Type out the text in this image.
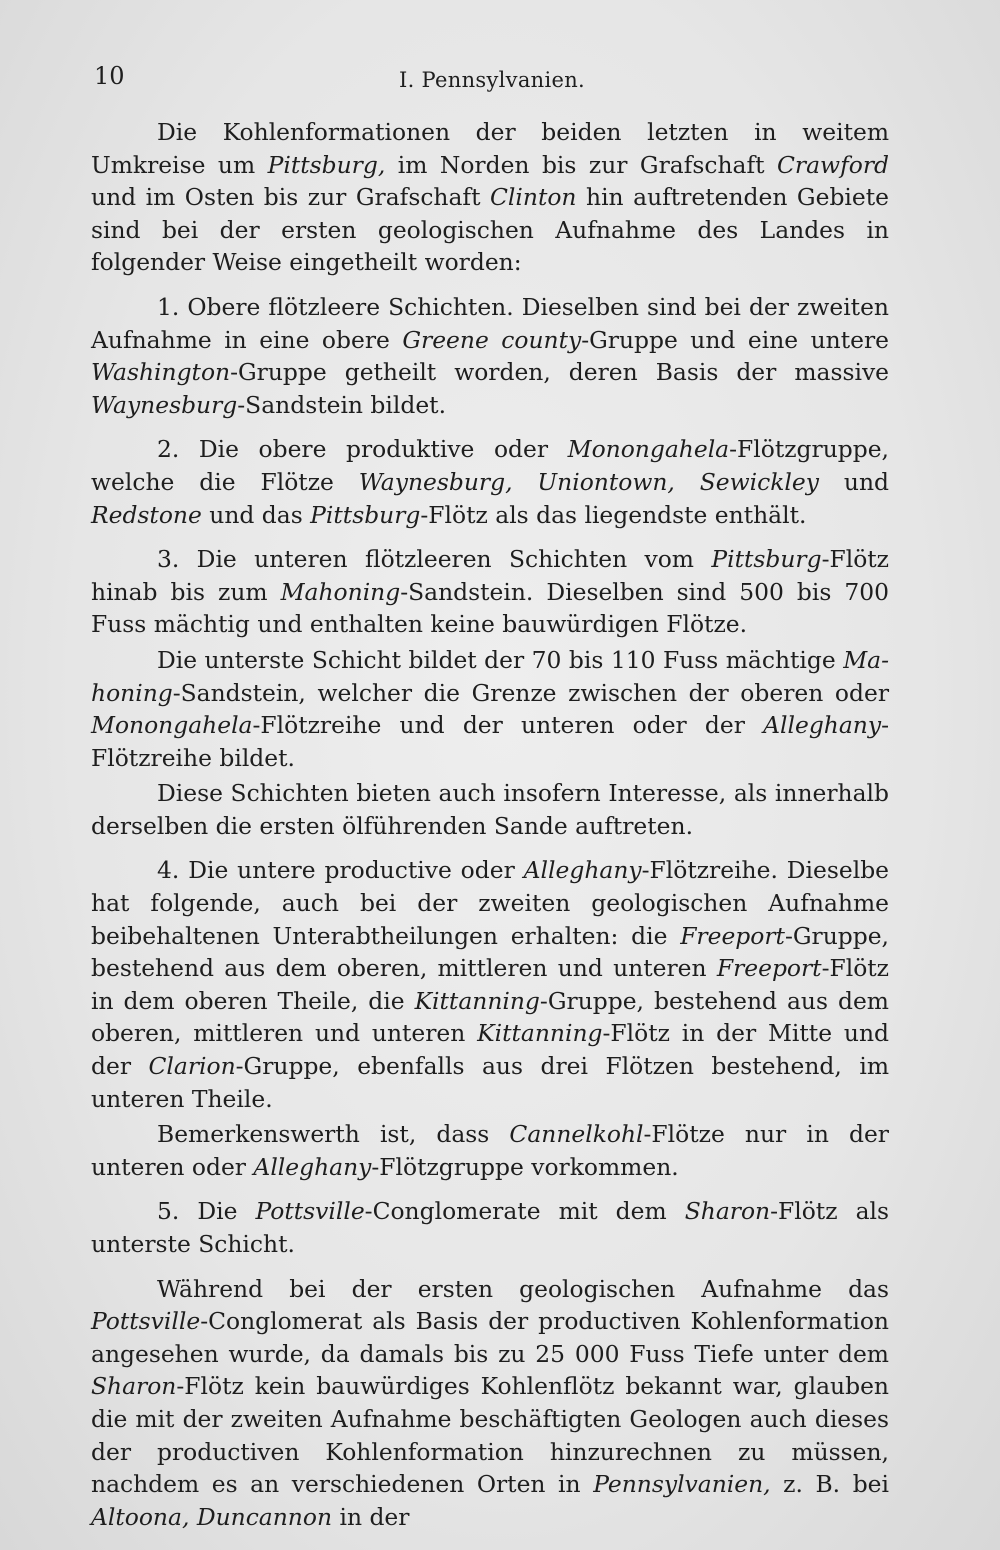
10	I. Pennsylvanien.

Die Kohlenformationen der beiden letzten in weitem Umkreise um Pittsburg, im Norden bis zur Grafschaft Crawford und im Osten bis zur Grafschaft Clinton hin auftretenden Gebiete sind bei der ersten geologischen Aufnahme des Landes in folgender Weise eingetheilt worden:

1. Obere flötzleere Schichten. Dieselben sind bei der zweiten Aufnahme in eine obere Greene county-Gruppe und eine untere Washington-Gruppe getheilt worden, deren Basis der massive Waynesburg-Sandstein bildet.

2. Die obere produktive oder Monongahela-Flötzgruppe, welche die Flötze Waynesburg, Uniontown, Sewickley und Redstone und das Pittsburg-Flötz als das liegendste enthält.

3. Die unteren flötzleeren Schichten vom Pittsburg-Flötz hinab bis zum Mahoning-Sandstein. Dieselben sind 500 bis 700 Fuss mächtig und enthalten keine bauwürdigen Flötze.

Die unterste Schicht bildet der 70 bis 110 Fuss mächtige Mahoning-Sandstein, welcher die Grenze zwischen der oberen oder Monongahela-Flötzreihe und der unteren oder der Alleghany-Flötzreihe bildet.

Diese Schichten bieten auch insofern Interesse, als innerhalb derselben die ersten ölführenden Sande auftreten.

4. Die untere productive oder Alleghany-Flötzreihe. Dieselbe hat folgende, auch bei der zweiten geologischen Aufnahme beibehaltenen Unterabtheilungen erhalten: die Freeport-Gruppe, bestehend aus dem oberen, mittleren und unteren Freeport-Flötz in dem oberen Theile, die Kittanning-Gruppe, bestehend aus dem oberen, mittleren und unteren Kittanning-Flötz in der Mitte und der Clarion-Gruppe, ebenfalls aus drei Flötzen bestehend, im unteren Theile.

Bemerkenswerth ist, dass Cannelkohl-Flötze nur in der unteren oder Alleghany-Flötzgruppe vorkommen.

5. Die Pottsville-Conglomerate mit dem Sharon-Flötz als unterste Schicht.

Während bei der ersten geologischen Aufnahme das Pottsville-Conglomerat als Basis der productiven Kohlenformation angesehen wurde, da damals bis zu 25 000 Fuss Tiefe unter dem Sharon-Flötz kein bauwürdiges Kohlenflötz bekannt war, glauben die mit der zweiten Aufnahme beschäftigten Geologen auch dieses der productiven Kohlenformation hinzurechnen zu müssen, nachdem es an verschiedenen Orten in Pennsylvanien, z. B. bei Altoona, Duncannon in der
